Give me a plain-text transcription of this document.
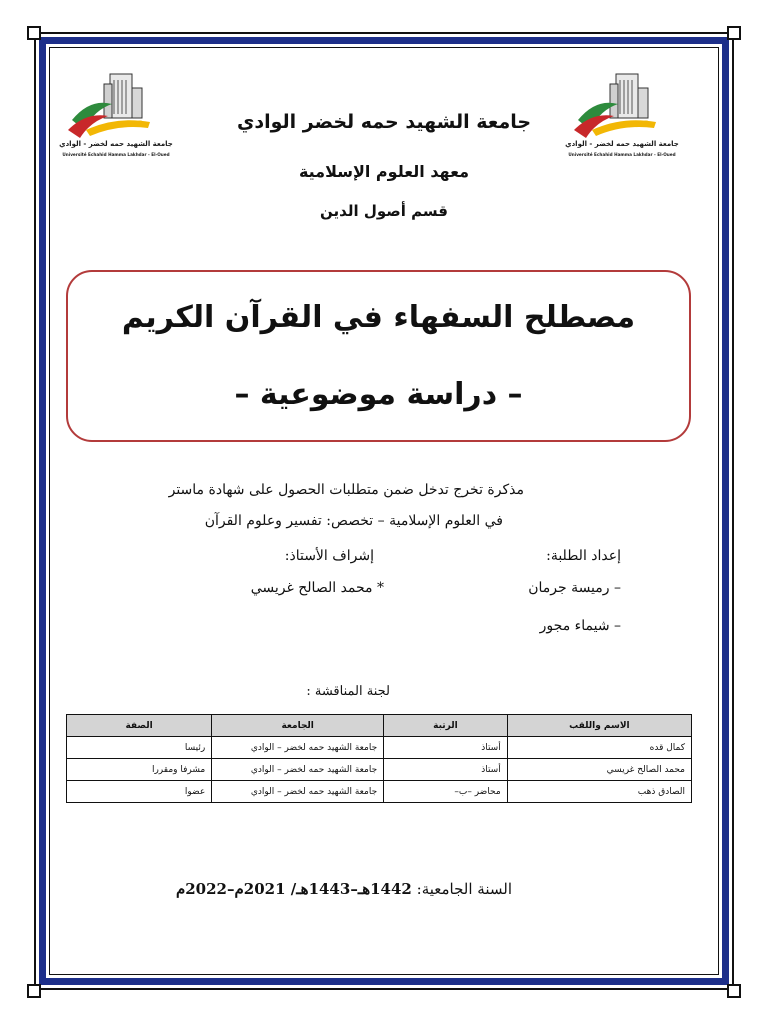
جامعة الشهيد حمه لخضر - الوادي
Université Echahid Hamma Lakhdar - El-Oued
جامعة الشهيد حمه لخضر - الوادي
Université Echahid Hamma Lakhdar - El-Oued
جامعة الشهيد حمه لخضر الوادي
معهد العلوم الإسلامية
قسم أصول الدين
مصطلح السفهاء في القرآن الكريم
– دراسة موضوعية –
مذكرة تخرج تدخل ضمن متطلبات الحصول على شهادة ماستر
في العلوم الإسلامية – تخصص: تفسير وعلوم القرآن
إعداد الطلبة:
– رميسة جرمان
– شيماء مجور
إشراف الأستاذ:
* محمد الصالح غريسي
لجنة المناقشة :
الاسم واللقب	الرتبة	الجامعة	الصفة
كمال قده	أستاذ	جامعة الشهيد حمه لخضر – الوادي	رئيسا
محمد الصالح غريسي	أستاذ	جامعة الشهيد حمه لخضر – الوادي	مشرفا ومقررا
الصادق ذهب	محاضر –ب–	جامعة الشهيد حمه لخضر – الوادي	عضوا
السنة الجامعية: 1442هـ–1443هـ/ 2021م–2022م
